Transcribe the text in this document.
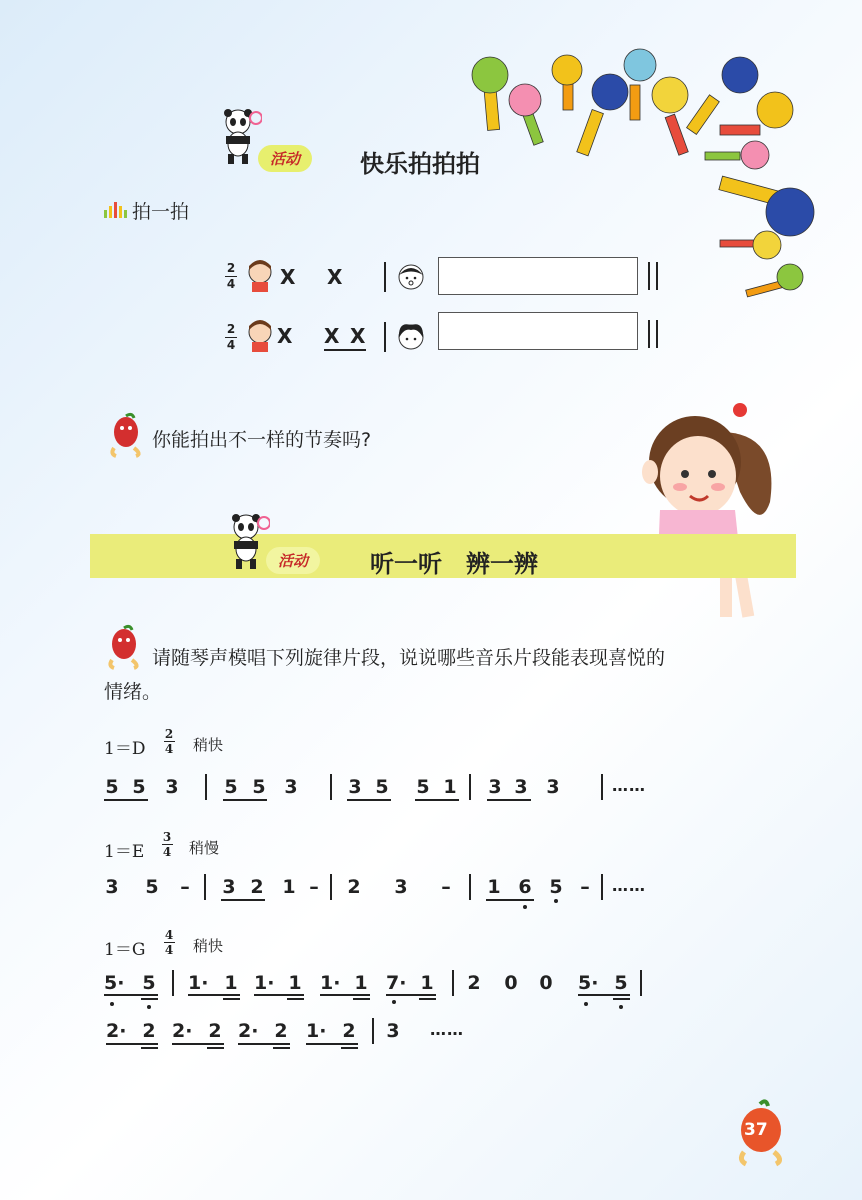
活动	快乐拍拍拍
拍一拍
2
4 X X
2
4 X X X
你能拍出不一样的节奏吗?
活动	听一听　辨一辨
请随琴声模唱下列旋律片段，说说哪些音乐片段能表现喜悦的
情绪。
1＝D
2
4 稍快
5 5 3 5 5 3	3 5 5 1 3 3 3	……
1＝E
3
4 稍慢
3 5 – 3 2 1 – 2 3 – 1 6 5 – ……
1＝G
4
4 稍快
5· 5 1· 1 1· 1 1· 1 7· 1 2 0 0 5· 5
2· 2 2· 2 2· 2 1· 2 3 ……
37
